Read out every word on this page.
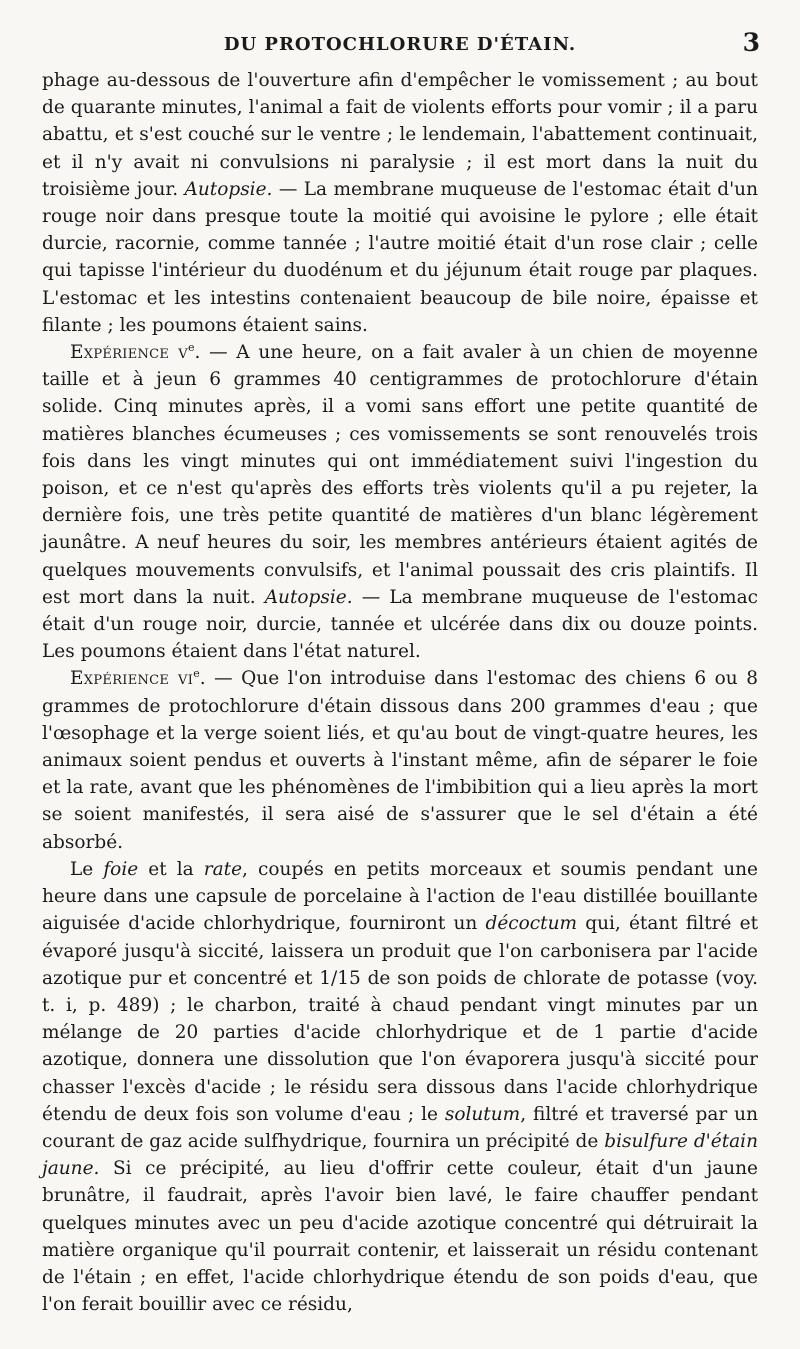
DU PROTOCHLORURE D'ÉTAIN.	3

phage au-dessous de l'ouverture afin d'empêcher le vomissement ; au bout de quarante minutes, l'animal a fait de violents efforts pour vomir ; il a paru abattu, et s'est couché sur le ventre ; le lendemain, l'abattement continuait, et il n'y avait ni convulsions ni paralysie ; il est mort dans la nuit du troisième jour. Autopsie. — La membrane muqueuse de l'estomac était d'un rouge noir dans presque toute la moitié qui avoisine le pylore ; elle était durcie, racornie, comme tannée ; l'autre moitié était d'un rose clair ; celle qui tapisse l'intérieur du duodénum et du jéjunum était rouge par plaques. L'estomac et les intestins contenaient beaucoup de bile noire, épaisse et filante ; les poumons étaient sains.

Expérience $v^e$. — A une heure, on a fait avaler à un chien de moyenne taille et à jeun 6 grammes 40 centigrammes de protochlorure d'étain solide. Cinq minutes après, il a vomi sans effort une petite quantité de matières blanches écumeuses ; ces vomissements se sont renouvelés trois fois dans les vingt minutes qui ont immédiatement suivi l'ingestion du poison, et ce n'est qu'après des efforts très violents qu'il a pu rejeter, la dernière fois, une très petite quantité de matières d'un blanc légèrement jaunâtre. A neuf heures du soir, les membres antérieurs étaient agités de quelques mouvements convulsifs, et l'animal poussait des cris plaintifs. Il est mort dans la nuit. Autopsie. — La membrane muqueuse de l'estomac était d'un rouge noir, durcie, tannée et ulcérée dans dix ou douze points. Les poumons étaient dans l'état naturel.

Expérience $vi^e$. — Que l'on introduise dans l'estomac des chiens 6 ou 8 grammes de protochlorure d'étain dissous dans 200 grammes d'eau ; que l'œsophage et la verge soient liés, et qu'au bout de vingt-quatre heures, les animaux soient pendus et ouverts à l'instant même, afin de séparer le foie et la rate, avant que les phénomènes de l'imbibition qui a lieu après la mort se soient manifestés, il sera aisé de s'assurer que le sel d'étain a été absorbé.

Le foie et la rate, coupés en petits morceaux et soumis pendant une heure dans une capsule de porcelaine à l'action de l'eau distillée bouillante aiguisée d'acide chlorhydrique, fourniront un décoctum qui, étant filtré et évaporé jusqu'à siccité, laissera un produit que l'on carbonisera par l'acide azotique pur et concentré et 1/15 de son poids de chlorate de potasse (voy. t. i, p. 489) ; le charbon, traité à chaud pendant vingt minutes par un mélange de 20 parties d'acide chlorhydrique et de 1 partie d'acide azotique, donnera une dissolution que l'on évaporera jusqu'à siccité pour chasser l'excès d'acide ; le résidu sera dissous dans l'acide chlorhydrique étendu de deux fois son volume d'eau ; le solutum, filtré et traversé par un courant de gaz acide sulfhydrique, fournira un précipité de bisulfure d'étain jaune. Si ce précipité, au lieu d'offrir cette couleur, était d'un jaune brunâtre, il faudrait, après l'avoir bien lavé, le faire chauffer pendant quelques minutes avec un peu d'acide azotique concentré qui détruirait la matière organique qu'il pourrait contenir, et laisserait un résidu contenant de l'étain ; en effet, l'acide chlorhydrique étendu de son poids d'eau, que l'on ferait bouillir avec ce résidu,
